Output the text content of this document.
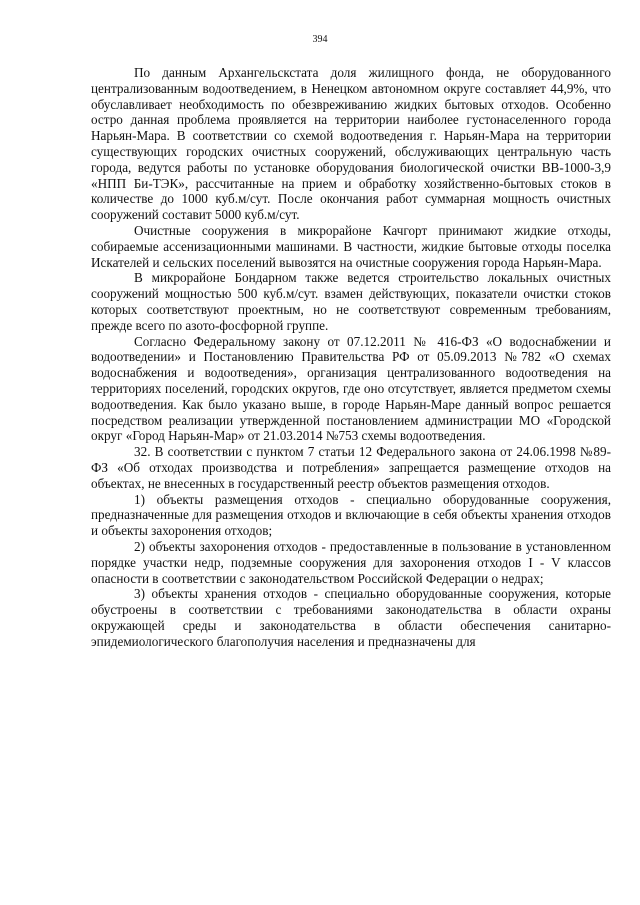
394

По данным Архангельскстата доля жилищного фонда, не оборудованного централизованным водоотведением, в Ненецком автономном округе составляет 44,9%, что обуславливает необходимость по обезвреживанию жидких бытовых отходов. Особенно остро данная проблема проявляется на территории наиболее густонаселенного города Нарьян-Мара. В соответствии со схемой водоотведения г. Нарьян-Мара на территории существующих городских очистных сооружений, обслуживающих центральную часть города, ведутся работы по установке оборудования биологической очистки ВВ-1000-3,9 «НПП Би-ТЭК», рассчитанные на прием и обработку хозяйственно-бытовых стоков в количестве до 1000 куб.м/сут. После окончания работ суммарная мощность очистных сооружений составит 5000 куб.м/сут.

Очистные сооружения в микрорайоне Качгорт принимают жидкие отходы, собираемые ассенизационными машинами. В частности, жидкие бытовые отходы поселка Искателей и сельских поселений вывозятся на очистные сооружения города Нарьян-Мара.

В микрорайоне Бондарном также ведется строительство локальных очистных сооружений мощностью 500 куб.м/сут. взамен действующих, показатели очистки стоков которых соответствуют проектным, но не соответствуют современным требованиям, прежде всего по азото-фосфорной группе.

Согласно Федеральному закону от 07.12.2011 № 416-ФЗ «О водоснабжении и водоотведении» и Постановлению Правительства РФ от 05.09.2013 №782 «О схемах водоснабжения и водоотведения», организация централизованного водоотведения на территориях поселений, городских округов, где оно отсутствует, является предметом схемы водоотведения. Как было указано выше, в городе Нарьян-Маре данный вопрос решается посредством реализации утвержденной постановлением администрации МО «Городской округ «Город Нарьян-Мар» от 21.03.2014 №753 схемы водоотведения.

32. В соответствии с пунктом 7 статьи 12 Федерального закона от 24.06.1998 №89-ФЗ «Об отходах производства и потребления» запрещается размещение отходов на объектах, не внесенных в государственный реестр объектов размещения отходов.

1) объекты размещения отходов - специально оборудованные сооружения, предназначенные для размещения отходов и включающие в себя объекты хранения отходов и объекты захоронения отходов;

2) объекты захоронения отходов - предоставленные в пользование в установленном порядке участки недр, подземные сооружения для захоронения отходов I - V классов опасности в соответствии с законодательством Российской Федерации о недрах;

3) объекты хранения отходов - специально оборудованные сооружения, которые обустроены в соответствии с требованиями законодательства в области охраны окружающей среды и законодательства в области обеспечения санитарно-эпидемиологического благополучия населения и предназначены для
